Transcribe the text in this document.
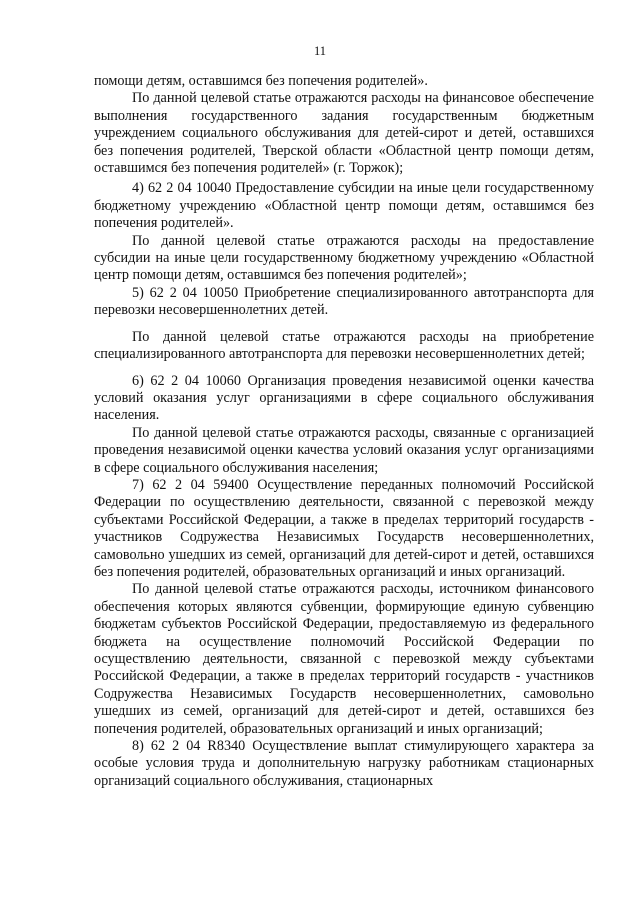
11

помощи детям, оставшимся без попечения родителей».

По данной целевой статье отражаются расходы на финансовое обеспечение выполнения государственного задания государственным бюджетным учреждением социального обслуживания для детей-сирот и детей, оставшихся без попечения родителей, Тверской области «Областной центр помощи детям, оставшимся без попечения родителей» (г. Торжок);

4) 62 2 04 10040 Предоставление субсидии на иные цели государственному бюджетному учреждению «Областной центр помощи детям, оставшимся без попечения родителей».

По данной целевой статье отражаются расходы на предоставление субсидии на иные цели государственному бюджетному учреждению «Областной центр помощи детям, оставшимся без попечения родителей»;

5) 62 2 04 10050 Приобретение специализированного автотранспорта для перевозки несовершеннолетних детей.

По данной целевой статье отражаются расходы на приобретение специализированного автотранспорта для перевозки несовершеннолетних детей;

6) 62 2 04 10060 Организация проведения независимой оценки качества условий оказания услуг организациями в сфере социального обслуживания населения.

По данной целевой статье отражаются расходы, связанные с организацией проведения независимой оценки качества условий оказания услуг организациями в сфере социального обслуживания населения;

7) 62 2 04 59400 Осуществление переданных полномочий Российской Федерации по осуществлению деятельности, связанной с перевозкой между субъектами Российской Федерации, а также в пределах территорий государств - участников Содружества Независимых Государств несовершеннолетних, самовольно ушедших из семей, организаций для детей-сирот и детей, оставшихся без попечения родителей, образовательных организаций и иных организаций.

По данной целевой статье отражаются расходы, источником финансового обеспечения которых являются субвенции, формирующие единую субвенцию бюджетам субъектов Российской Федерации, предоставляемую из федерального бюджета на осуществление полномочий Российской Федерации по осуществлению деятельности, связанной с перевозкой между субъектами Российской Федерации, а также в пределах территорий государств - участников Содружества Независимых Государств несовершеннолетних, самовольно ушедших из семей, организаций для детей-сирот и детей, оставшихся без попечения родителей, образовательных организаций и иных организаций;

8) 62 2 04 R8340 Осуществление выплат стимулирующего характера за особые условия труда и дополнительную нагрузку работникам стационарных организаций социального обслуживания, стационарных
